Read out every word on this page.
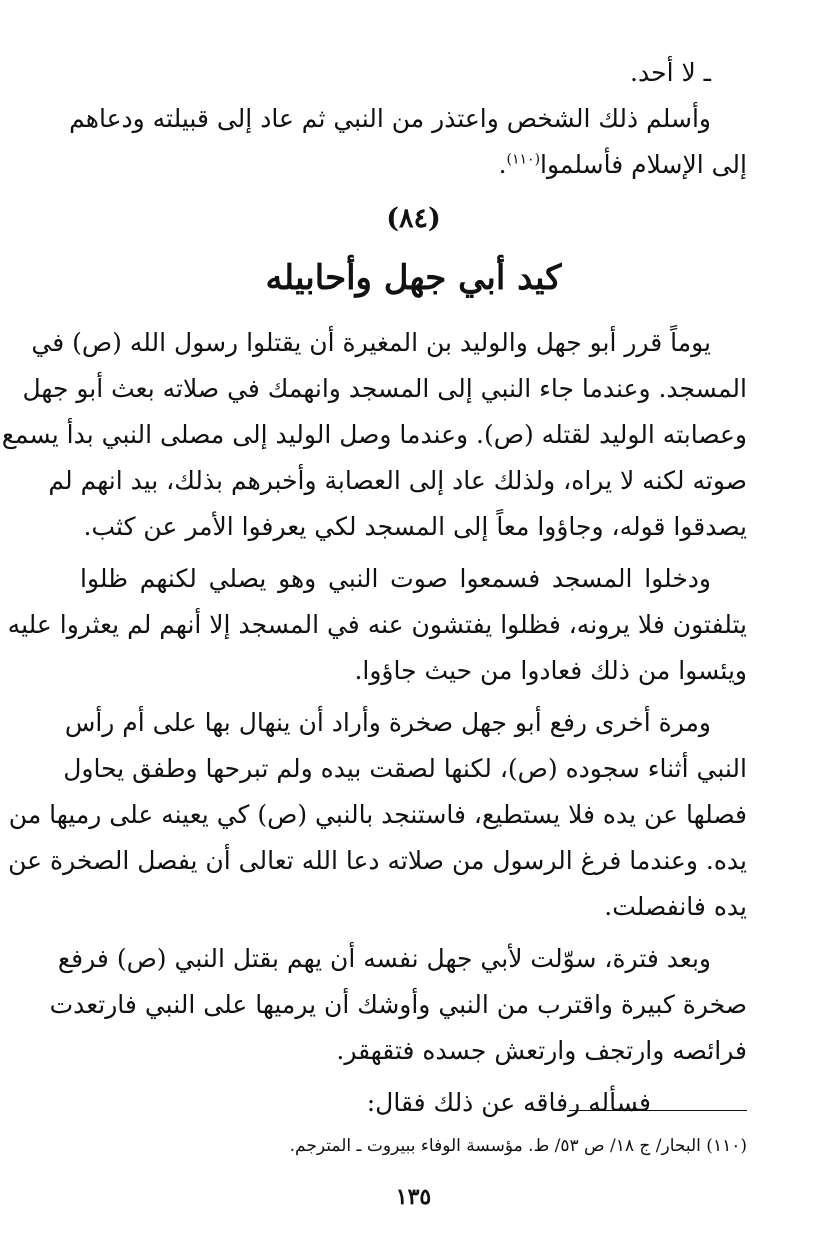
ـ لا أحد.
وأسلم ذلك الشخص واعتذر من النبي ثم عاد إلى قبيلته ودعاهم
إلى الإسلام فأسلموا$^{(١١٠)}$.
(٨٤)
كيد أبي جهل وأحابيله
يوماً قرر أبو جهل والوليد بن المغيرة أن يقتلوا رسول الله (ص) في
المسجد. وعندما جاء النبي إلى المسجد وانهمك في صلاته بعث أبو جهل
وعصابته الوليد لقتله (ص). وعندما وصل الوليد إلى مصلى النبي بدأ يسمع
صوته لكنه لا يراه، ولذلك عاد إلى العصابة وأخبرهم بذلك، بيد انهم لم
يصدقوا قوله، وجاؤوا معاً إلى المسجد لكي يعرفوا الأمر عن كثب.
ودخلوا المسجد فسمعوا صوت النبي وهو يصلي لكنهم ظلوا
يتلفتون فلا يرونه، فظلوا يفتشون عنه في المسجد إلا أنهم لم يعثروا عليه
ويئسوا من ذلك فعادوا من حيث جاؤوا.
ومرة أخرى رفع أبو جهل صخرة وأراد أن ينهال بها على أم رأس
النبي أثناء سجوده (ص)، لكنها لصقت بيده ولم تبرحها وطفق يحاول
فصلها عن يده فلا يستطيع، فاستنجد بالنبي (ص) كي يعينه على رميها من
يده. وعندما فرغ الرسول من صلاته دعا الله تعالى أن يفصل الصخرة عن
يده فانفصلت.
وبعد فترة، سوّلت لأبي جهل نفسه أن يهم بقتل النبي (ص) فرفع
صخرة كبيرة واقترب من النبي وأوشك أن يرميها على النبي فارتعدت
فرائصه وارتجف وارتعش جسده فتقهقر.
فسأله رفاقه عن ذلك فقال:
(١١٠) البحار/ ج ١٨/ ص ٥٣/ ط. مؤسسة الوفاء ببيروت ـ المترجم.
١٣٥
